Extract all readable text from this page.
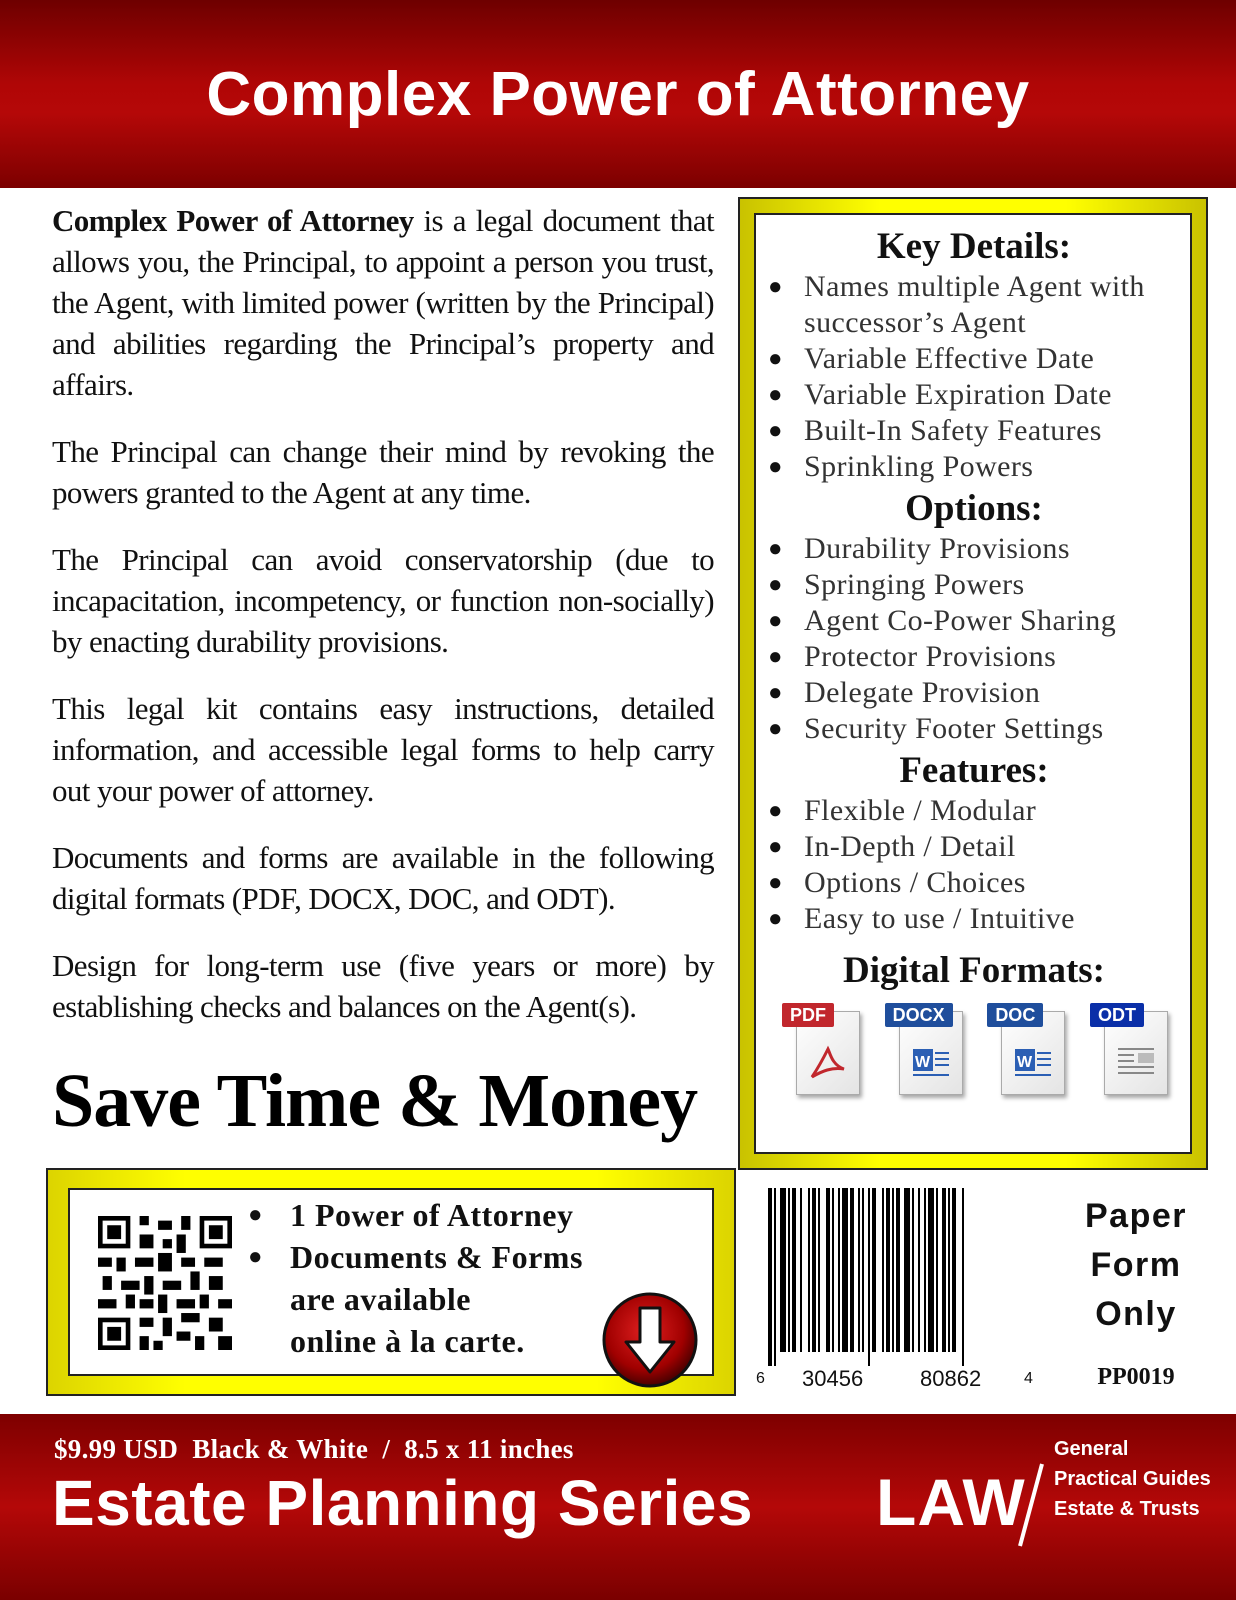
Complex Power of Attorney

Complex Power of Attorney is a legal document that allows you, the Principal, to appoint a person you trust, the Agent, with limited power (written by the Principal) and abilities regarding the Principal’s property and affairs.

The Principal can change their mind by revoking the powers granted to the Agent at any time.

The Principal can avoid conservatorship (due to incapacitation, incompetency, or function non-socially) by enacting durability provisions.

This legal kit contains easy instructions, detailed information, and accessible legal forms to help carry out your power of attorney.

Documents and forms are available in the following digital formats (PDF, DOCX, DOC, and ODT).

Design for long-term use (five years or more) by establishing checks and balances on the Agent(s).

Save Time & Money
Key Details:
● Names multiple Agent with successor’s Agent
● Variable Effective Date
● Variable Expiration Date
● Built-In Safety Features
● Sprinkling Powers
Options:
● Durability Provisions
● Springing Powers
● Agent Co-Power Sharing
● Protector Provisions
● Delegate Provision
● Security Footer Settings
Features:
● Flexible / Modular
● In-Depth / Detail
● Options / Choices
● Easy to use / Intuitive
Digital Formats:
PDF	DOCX
W
DOC
W
ODT
● 1 Power of Attorney
● Documents & Forms
are available
online à la carte.
6 30456	80862	4
Paper
Form
Only
PP0019
$9.99 USD  Black & White  /  8.5 x 11 inches
Estate Planning Series LAW
General
Practical Guides
Estate & Trusts
